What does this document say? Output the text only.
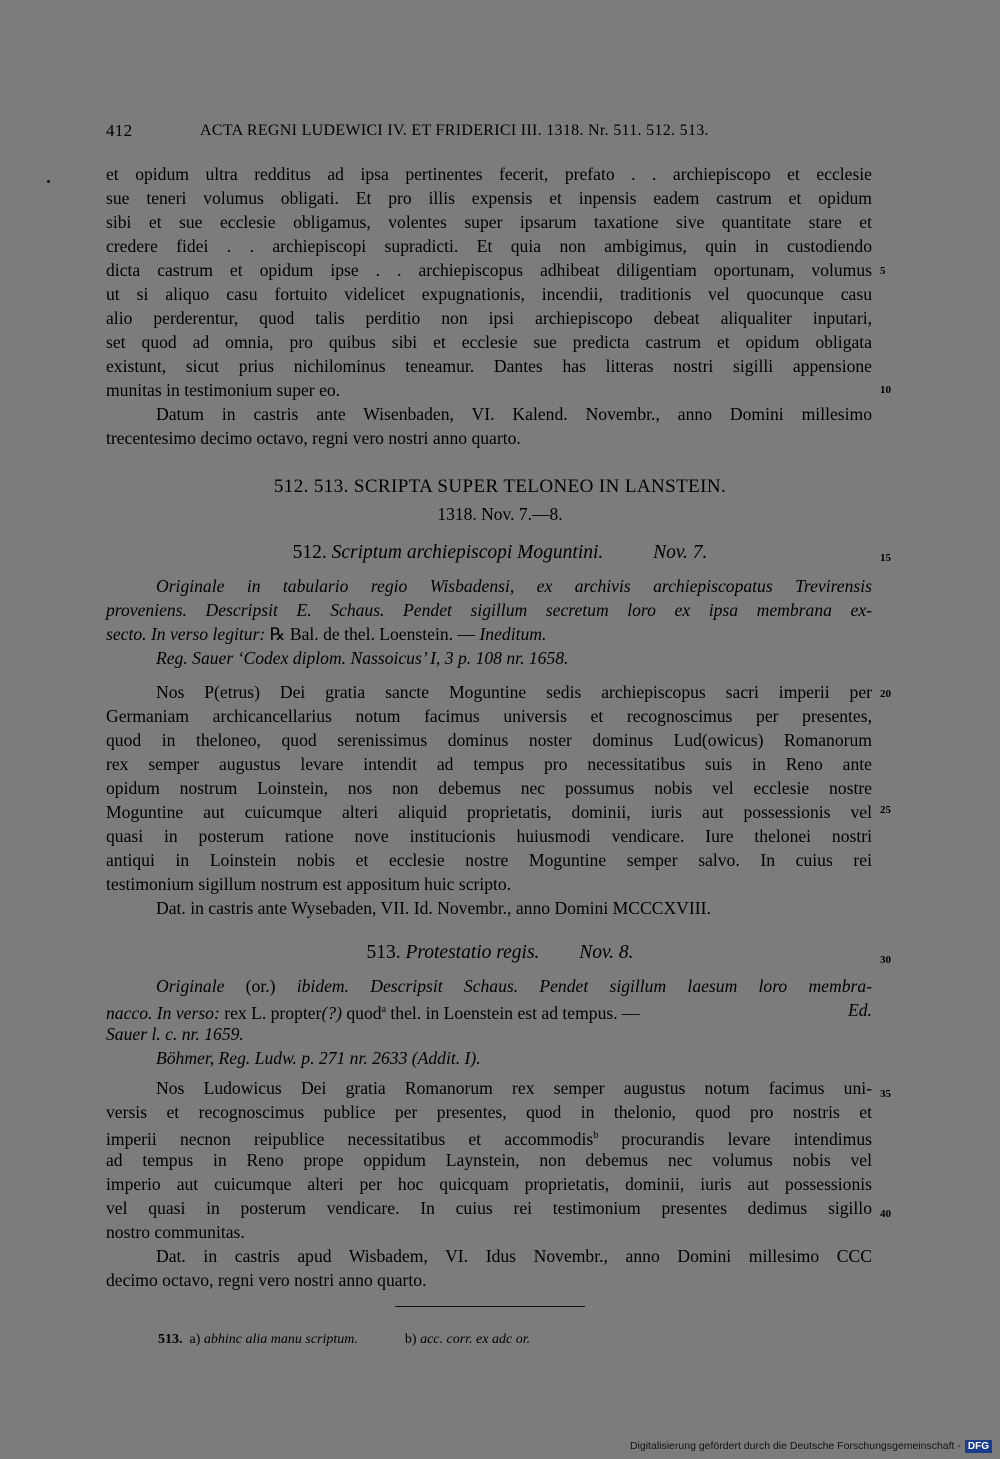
412	ACTA REGNI LUDEWICI IV. ET FRIDERICI III. 1318. Nr. 511. 512. 513.
et opidum ultra redditus ad ipsa pertinentes fecerit, prefato . . archiepiscopo et ecclesie
sue teneri volumus obligati. Et pro illis expensis et inpensis eadem castrum et opidum
sibi et sue ecclesie obligamus, volentes super ipsarum taxatione sive quantitate stare et
credere fidei . . archiepiscopi supradicti. Et quia non ambigimus, quin in custodiendo
dicta castrum et opidum ipse . . archiepiscopus adhibeat diligentiam oportunam, volumus
ut si aliquo casu fortuito videlicet expugnationis, incendii, traditionis vel quocunque casu
alio perderentur, quod talis perditio non ipsi archiepiscopo debeat aliqualiter inputari,
set quod ad omnia, pro quibus sibi et ecclesie sue predicta castrum et opidum obligata
existunt, sicut prius nichilominus teneamur. Dantes has litteras nostri sigilli appensione
munitas in testimonium super eo.
Datum in castris ante Wisenbaden, VI. Kalend. Novembr., anno Domini millesimo
trecentesimo decimo octavo, regni vero nostri anno quarto.
512. 513. SCRIPTA SUPER TELONEO IN LANSTEIN.
1318. Nov. 7.—8.
512. Scriptum archiepiscopi Moguntini.	Nov. 7.
Originale in tabulario regio Wisbadensi, ex archivis archiepiscopatus Trevirensis
proveniens. Descripsit E. Schaus. Pendet sigillum secretum loro ex ipsa membrana ex-
secto. In verso legitur: ℞ Bal. de thel. Loenstein. — Ineditum.
Reg. Sauer ‘Codex diplom. Nassoicus’ I, 3 p. 108 nr. 1658.
Nos P(etrus) Dei gratia sancte Moguntine sedis archiepiscopus sacri imperii per
Germaniam archicancellarius notum facimus universis et recognoscimus per presentes,
quod in theloneo, quod serenissimus dominus noster dominus Lud(owicus) Romanorum
rex semper augustus levare intendit ad tempus pro necessitatibus suis in Reno ante
opidum nostrum Loinstein, nos non debemus nec possumus nobis vel ecclesie nostre
Moguntine aut cuicumque alteri aliquid proprietatis, dominii, iuris aut possessionis vel
quasi in posterum ratione nove institucionis huiusmodi vendicare. Iure thelonei nostri
antiqui in Loinstein nobis et ecclesie nostre Moguntine semper salvo. In cuius rei
testimonium sigillum nostrum est appositum huic scripto.
Dat. in castris ante Wysebaden, VII. Id. Novembr., anno Domini MCCCXVIII.
513. Protestatio regis. Nov. 8.
Originale (or.) ibidem. Descripsit Schaus. Pendet sigillum laesum loro membra-
nacco. In verso: rex L. propter(?) quod$^a$ thel. in Loenstein est ad tempus. —	Ed.
Sauer l. c. nr. 1659.
Böhmer, Reg. Ludw. p. 271 nr. 2633 (Addit. I).
Nos Ludowicus Dei gratia Romanorum rex semper augustus notum facimus uni-
versis et recognoscimus publice per presentes, quod in thelonio, quod pro nostris et
imperii necnon reipublice necessitatibus et accommodis$^b$ procurandis levare intendimus
ad tempus in Reno prope oppidum Laynstein, non debemus nec volumus nobis vel
imperio aut cuicumque alteri per hoc quicquam proprietatis, dominii, iuris aut possessionis
vel quasi in posterum vendicare. In cuius rei testimonium presentes dedimus sigillo
nostro communitas.
Dat. in castris apud Wisbadem, VI. Idus Novembr., anno Domini millesimo CCC
decimo octavo, regni vero nostri anno quarto.
5
10
15
20
25
30
35
40
513. a) abhinc alia manu scriptum.	b) acc. corr. ex adc or.
Digitalisierung gefördert durch die Deutsche Forschungsgemeinschaft - DFG
